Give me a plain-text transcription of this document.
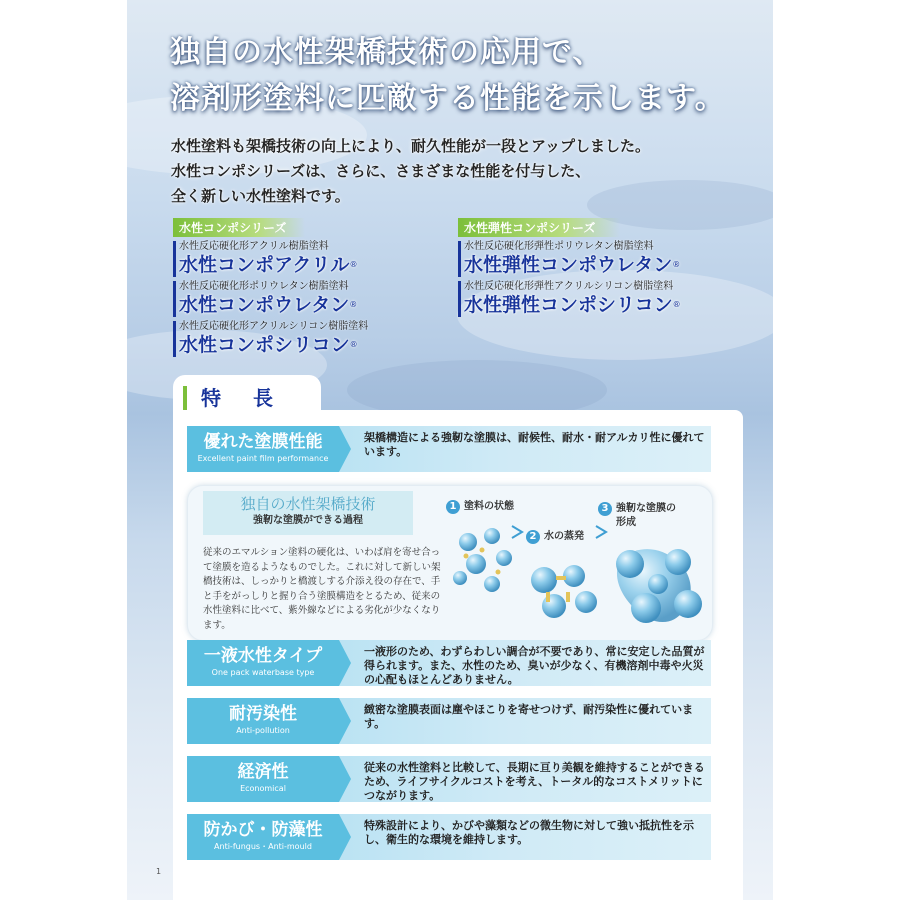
独自の水性架橋技術の応用で、
溶剤形塗料に匹敵する性能を示します。
水性塗料も架橋技術の向上により、耐久性能が一段とアップしました。
水性コンポシリーズは、さらに、さまざまな性能を付与した、
全く新しい水性塗料です。
水性コンポシリーズ
水性反応硬化形アクリル樹脂塗料
水性コンポアクリル®
水性反応硬化形ポリウレタン樹脂塗料
水性コンポウレタン®
水性反応硬化形アクリルシリコン樹脂塗料
水性コンポシリコン®
水性弾性コンポシリーズ
水性反応硬化形弾性ポリウレタン樹脂塗料
水性弾性コンポウレタン®
水性反応硬化形弾性アクリルシリコン樹脂塗料
水性弾性コンポシリコン®
特　長
優れた塗膜性能
Excellent paint film performance
架橋構造による強靭な塗膜は、耐候性、耐水・耐アルカリ性に優れています。
独自の水性架橋技術
強靭な塗膜ができる過程
従来のエマルション塗料の硬化は、いわば肩を寄せ合って塗膜を造るようなものでした。これに対して新しい架橋技術は、しっかりと橋渡しする介添え役の存在で、手と手をがっしりと握り合う塗膜構造をとるため、従来の水性塗料に比べて、紫外線などによる劣化が少なくなります。
1 塗料の状態
2 水の蒸発
3 強靭な塗膜の
形成
一液水性タイプ
One pack waterbase type
一液形のため、わずらわしい調合が不要であり、常に安定した品質が得られます。また、水性のため、臭いが少なく、有機溶剤中毒や火災の心配もほとんどありません。
耐汚染性
Anti-pollution
緻密な塗膜表面は塵やほこりを寄せつけず、耐汚染性に優れています。
経済性
Economical
従来の水性塗料と比較して、長期に亘り美観を維持することができるため、ライフサイクルコストを考え、トータル的なコストメリットにつながります。
防かび・防藻性
Anti-fungus・Anti-mould
特殊設計により、かびや藻類などの微生物に対して強い抵抗性を示し、衛生的な環境を維持します。
1
